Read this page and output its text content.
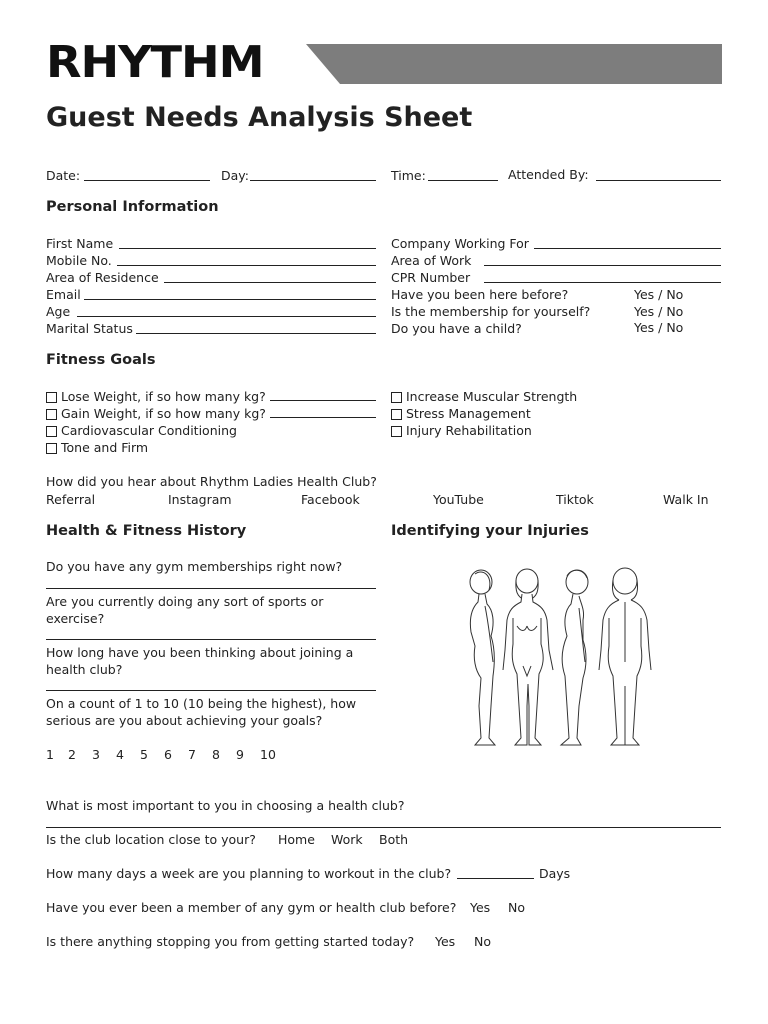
RHYTHM
Guest Needs Analysis Sheet
Date:	Day:	Time:	Attended By:
Personal Information
First Name
Mobile No.
Area of Residence
Email
Age
Marital Status
Company Working For
Area of Work
CPR Number
Have you been here before?	Yes / No
Is the membership for yourself?	Yes / No
Do you have a child?	Yes / No
Fitness Goals
Lose Weight, if so how many kg?
Gain Weight, if so how many kg?
Cardiovascular Conditioning
Tone and Firm
Increase Muscular Strength
Stress Management
Injury Rehabilitation
How did you hear about Rhythm Ladies Health Club?
Referral	Instagram	Facebook	YouTube	Tiktok	Walk In
Health & Fitness History	Identifying your Injuries
Do you have any gym memberships right now?
Are you currently doing any sort of sports or
exercise?
How long have you been thinking about joining a
health club?
On a count of 1 to 10 (10 being the highest), how
serious are you about achieving your goals?
1 2 3 4 5 6 7 8 9 10
What is most important to you in choosing a health club?
Is the club location close to your? Home Work Both
How many days a week are you planning to workout in the club?	Days
Have you ever been a member of any gym or health club before? Yes No
Is there anything stopping you from getting started today? Yes No
